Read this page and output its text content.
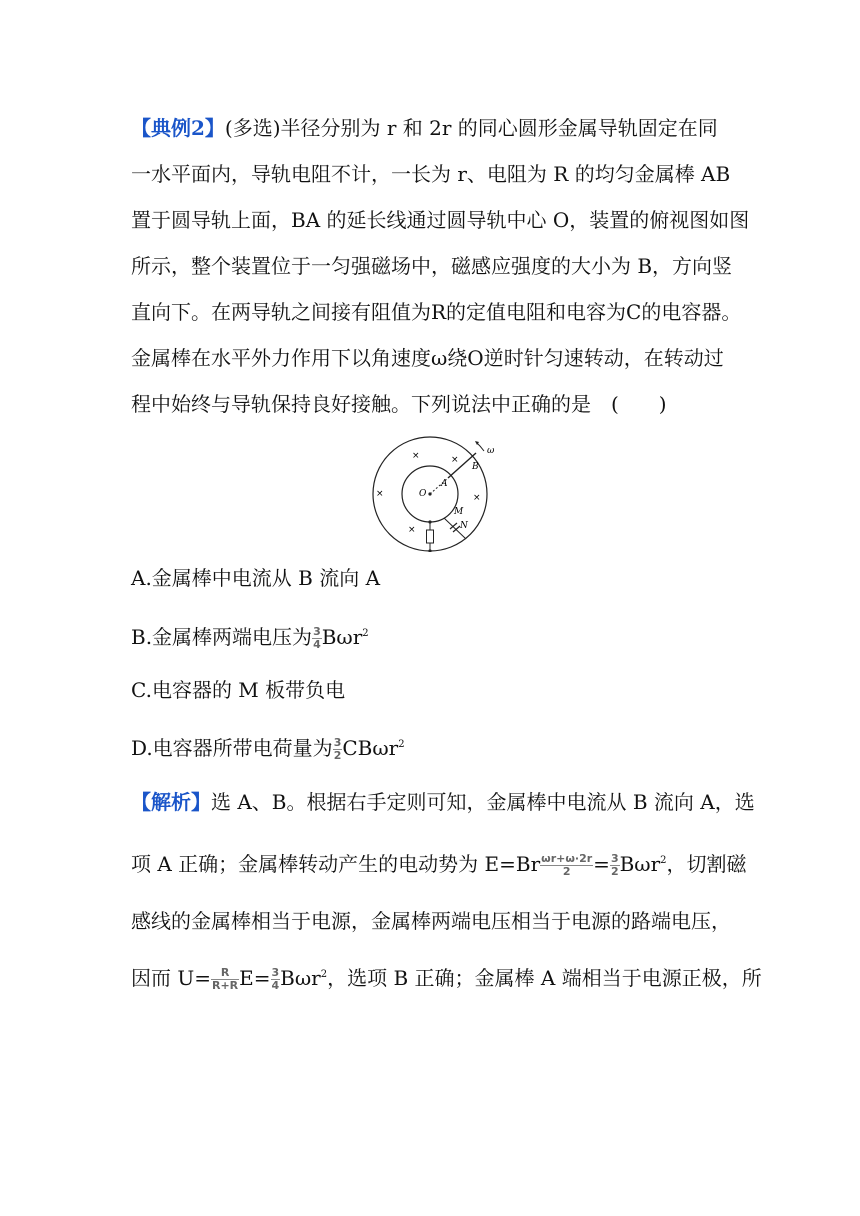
【典例2】(多选)半径分别为 r 和 2r 的同心圆形金属导轨固定在同
一水平面内，导轨电阻不计，一长为 r、电阻为 R 的均匀金属棒 AB
置于圆导轨上面，BA 的延长线通过圆导轨中心 O，装置的俯视图如图
所示，整个装置位于一匀强磁场中，磁感应强度的大小为 B，方向竖
直向下。在两导轨之间接有阻值为R的定值电阻和电容为C的电容器。
金属棒在水平外力作用下以角速度ω绕O逆时针匀速转动，在转动过
程中始终与导轨保持良好接触。下列说法中正确的是　(　　)
×	×
×	×
×
O
A
B
ω
M
N
A.金属棒中电流从 B 流向 A
B.金属棒两端电压为 $\frac{3}{4} B\omega r^2$
C.电容器的 M 板带负电
D.电容器所带电荷量为 $\frac{3}{2} CB\omega r^2$
【解析】选 A、B。根据右手定则可知，金属棒中电流从 B 流向 A，选
项 A 正确；金属棒转动产生的电动势为 $E=Br \frac{\omega r+\omega\cdot 2r}{2} = \frac{3}{2} B\omega r^2$，切割磁
感线的金属棒相当于电源，金属棒两端电压相当于电源的路端电压，
因而 $U= \frac{R}{R+R} E= \frac{3}{4} B\omega r^2$，选项 B 正确；金属棒 A 端相当于电源正极，所
